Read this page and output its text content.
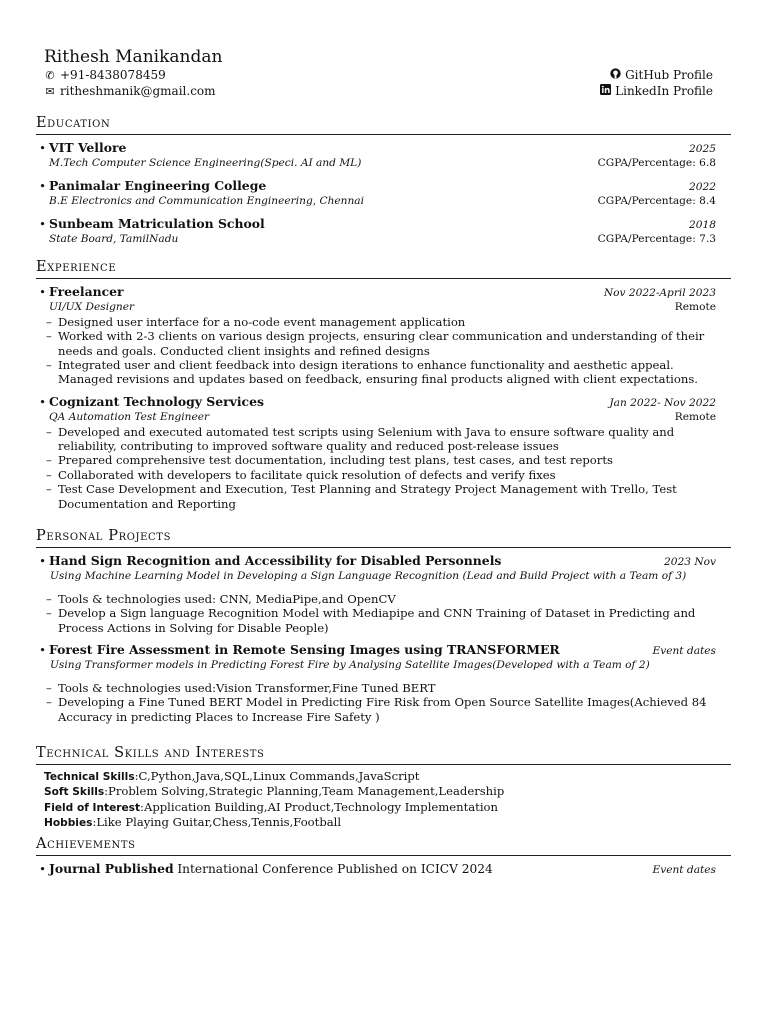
Rithesh Manikandan
✆ +91-8438078459
✉ ritheshmanik@gmail.com
GitHub Profile
LinkedIn Profile
Education
• VIT Vellore	2025
M.Tech Computer Science Engineering(Speci. AI and ML)	CGPA/Percentage: 6.8
• Panimalar Engineering College	2022
B.E Electronics and Communication Engineering, Chennai	CGPA/Percentage: 8.4
• Sunbeam Matriculation School	2018
State Board, TamilNadu	CGPA/Percentage: 7.3
Experience
• Freelancer	Nov 2022-April 2023
UI/UX Designer	Remote
– Designed user interface for a no-code event management application
– Worked with 2-3 clients on various design projects, ensuring clear communication and understanding of their needs and goals. Conducted client insights and refined designs
– Integrated user and client feedback into design iterations to enhance functionality and aesthetic appeal. Managed revisions and updates based on feedback, ensuring final products aligned with client expectations.
• Cognizant Technology Services	Jan 2022- Nov 2022
QA Automation Test Engineer	Remote
– Developed and executed automated test scripts using Selenium with Java to ensure software quality and reliability, contributing to improved software quality and reduced post-release issues
– Prepared comprehensive test documentation, including test plans, test cases, and test reports
– Collaborated with developers to facilitate quick resolution of defects and verify fixes
– Test Case Development and Execution, Test Planning and Strategy Project Management with Trello, Test Documentation and Reporting
Personal Projects
• Hand Sign Recognition and Accessibility for Disabled Personnels	2023 Nov
Using Machine Learning Model in Developing a Sign Language Recognition (Lead and Build Project with a Team of 3)
– Tools & technologies used: CNN, MediaPipe,and OpenCV
– Develop a Sign language Recognition Model with Mediapipe and CNN Training of Dataset in Predicting and Process Actions in Solving for Disable People)
• Forest Fire Assessment in Remote Sensing Images using TRANSFORMER	Event dates
Using Transformer models in Predicting Forest Fire by Analysing Satellite Images(Developed with a Team of 2)
– Tools & technologies used:Vision Transformer,Fine Tuned BERT
– Developing a Fine Tuned BERT Model in Predicting Fire Risk from Open Source Satellite Images(Achieved 84 Accuracy in predicting Places to Increase Fire Safety )
Technical Skills and Interests
Technical Skills:C,Python,Java,SQL,Linux Commands,JavaScript
Soft Skills:Problem Solving,Strategic Planning,Team Management,Leadership
Field of Interest:Application Building,AI Product,Technology Implementation
Hobbies:Like Playing Guitar,Chess,Tennis,Football
Achievements
• Journal Published International Conference Published on ICICV 2024	Event dates
